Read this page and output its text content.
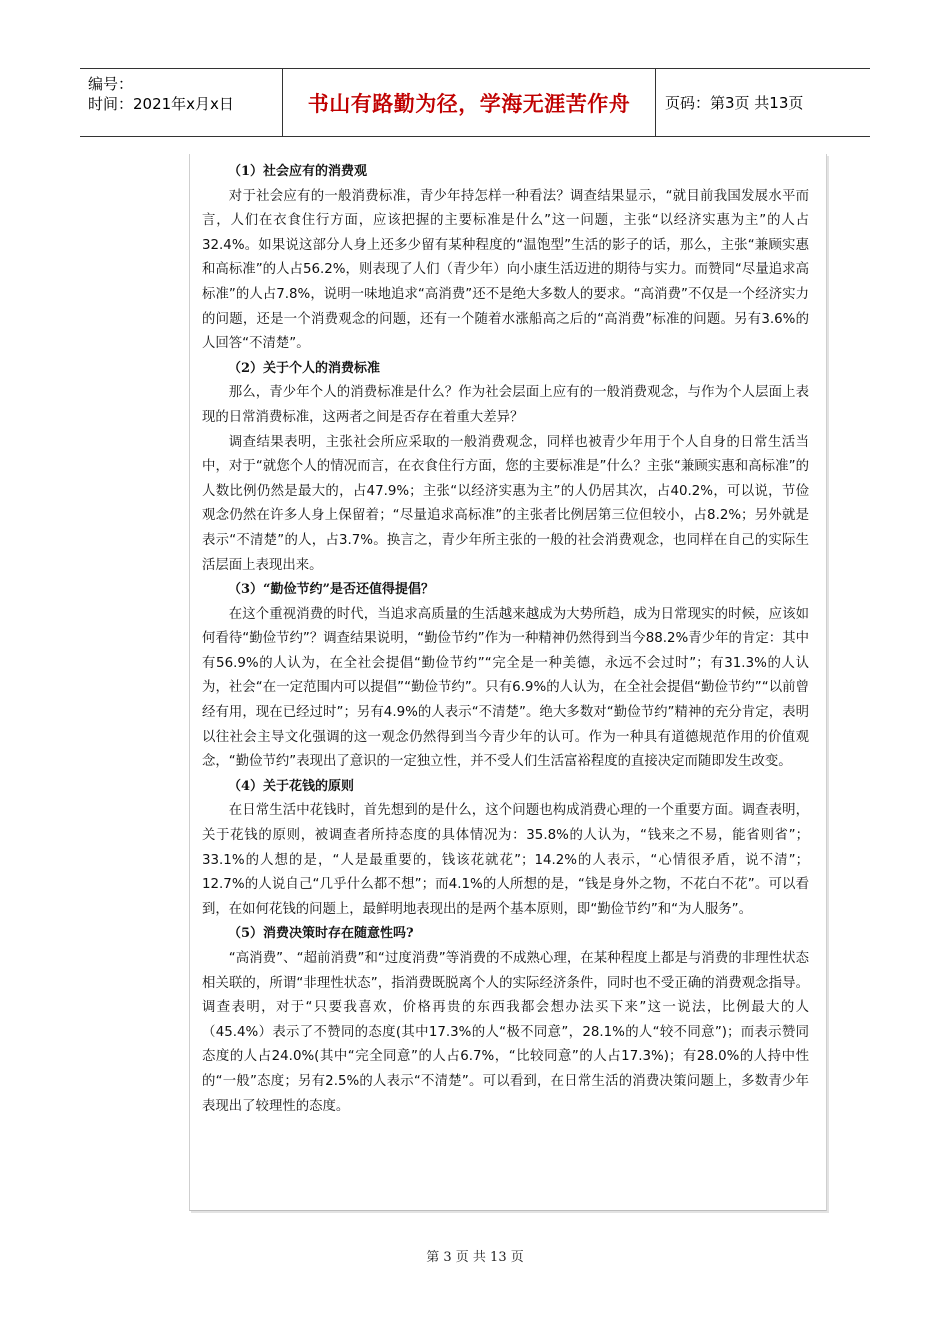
编号：
时间：2021年x月x日	书山有路勤为径，学海无涯苦作舟 页码：第3页 共13页
（1）社会应有的消费观

对于社会应有的一般消费标准，青少年持怎样一种看法？调查结果显示，“就目前我国发展水平而言，人们在衣食住行方面，应该把握的主要标准是什么”这一问题，主张“以经济实惠为主”的人占32.4%。如果说这部分人身上还多少留有某种程度的“温饱型”生活的影子的话，那么，主张“兼顾实惠和高标准”的人占56.2%，则表现了人们（青少年）向小康生活迈进的期待与实力。而赞同“尽量追求高标准”的人占7.8%，说明一味地追求“高消费”还不是绝大多数人的要求。“高消费”不仅是一个经济实力的问题，还是一个消费观念的问题，还有一个随着水涨船高之后的“高消费”标准的问题。另有3.6%的人回答“不清楚”。

（2）关于个人的消费标准

那么，青少年个人的消费标准是什么？作为社会层面上应有的一般消费观念，与作为个人层面上表现的日常消费标准，这两者之间是否存在着重大差异？

调查结果表明，主张社会所应采取的一般消费观念，同样也被青少年用于个人自身的日常生活当中，对于“就您个人的情况而言，在衣食住行方面，您的主要标准是”什么？主张“兼顾实惠和高标准”的人数比例仍然是最大的，占47.9%；主张“以经济实惠为主”的人仍居其次，占40.2%，可以说，节俭观念仍然在许多人身上保留着；“尽量追求高标准”的主张者比例居第三位但较小，占8.2%；另外就是表示“不清楚”的人，占3.7%。换言之，青少年所主张的一般的社会消费观念，也同样在自己的实际生活层面上表现出来。

（3）“勤俭节约”是否还值得提倡？

在这个重视消费的时代，当追求高质量的生活越来越成为大势所趋，成为日常现实的时候，应该如何看待“勤俭节约”？调查结果说明，“勤俭节约”作为一种精神仍然得到当今88.2%青少年的肯定：其中有56.9%的人认为，在全社会提倡“勤俭节约”“完全是一种美德，永远不会过时”；有31.3%的人认为，社会“在一定范围内可以提倡”“勤俭节约”。只有6.9%的人认为，在全社会提倡“勤俭节约”“以前曾经有用，现在已经过时”；另有4.9%的人表示“不清楚”。绝大多数对“勤俭节约”精神的充分肯定，表明以往社会主导文化强调的这一观念仍然得到当今青少年的认可。作为一种具有道德规范作用的价值观念，“勤俭节约”表现出了意识的一定独立性，并不受人们生活富裕程度的直接决定而随即发生改变。

（4）关于花钱的原则

在日常生活中花钱时，首先想到的是什么，这个问题也构成消费心理的一个重要方面。调查表明，关于花钱的原则，被调查者所持态度的具体情况为：35.8%的人认为，“钱来之不易，能省则省”；33.1%的人想的是，“人是最重要的，钱该花就花”；14.2%的人表示，“心情很矛盾，说不清”；12.7%的人说自己“几乎什么都不想”；而4.1%的人所想的是，“钱是身外之物，不花白不花”。可以看到，在如何花钱的问题上，最鲜明地表现出的是两个基本原则，即“勤俭节约”和“为人服务”。

（5）消费决策时存在随意性吗?

“高消费”、“超前消费”和“过度消费”等消费的不成熟心理，在某种程度上都是与消费的非理性状态相关联的，所谓“非理性状态”，指消费既脱离个人的实际经济条件，同时也不受正确的消费观念指导。调查表明，对于“只要我喜欢，价格再贵的东西我都会想办法买下来”这一说法，比例最大的人（45.4%）表示了不赞同的态度(其中17.3%的人“极不同意”，28.1%的人“较不同意”)；而表示赞同态度的人占24.0%(其中“完全同意”的人占6.7%，“比较同意”的人占17.3%)；有28.0%的人持中性的“一般”态度；另有2.5%的人表示“不清楚”。可以看到，在日常生活的消费决策问题上，多数青少年表现出了较理性的态度。

第 3 页 共 13 页
